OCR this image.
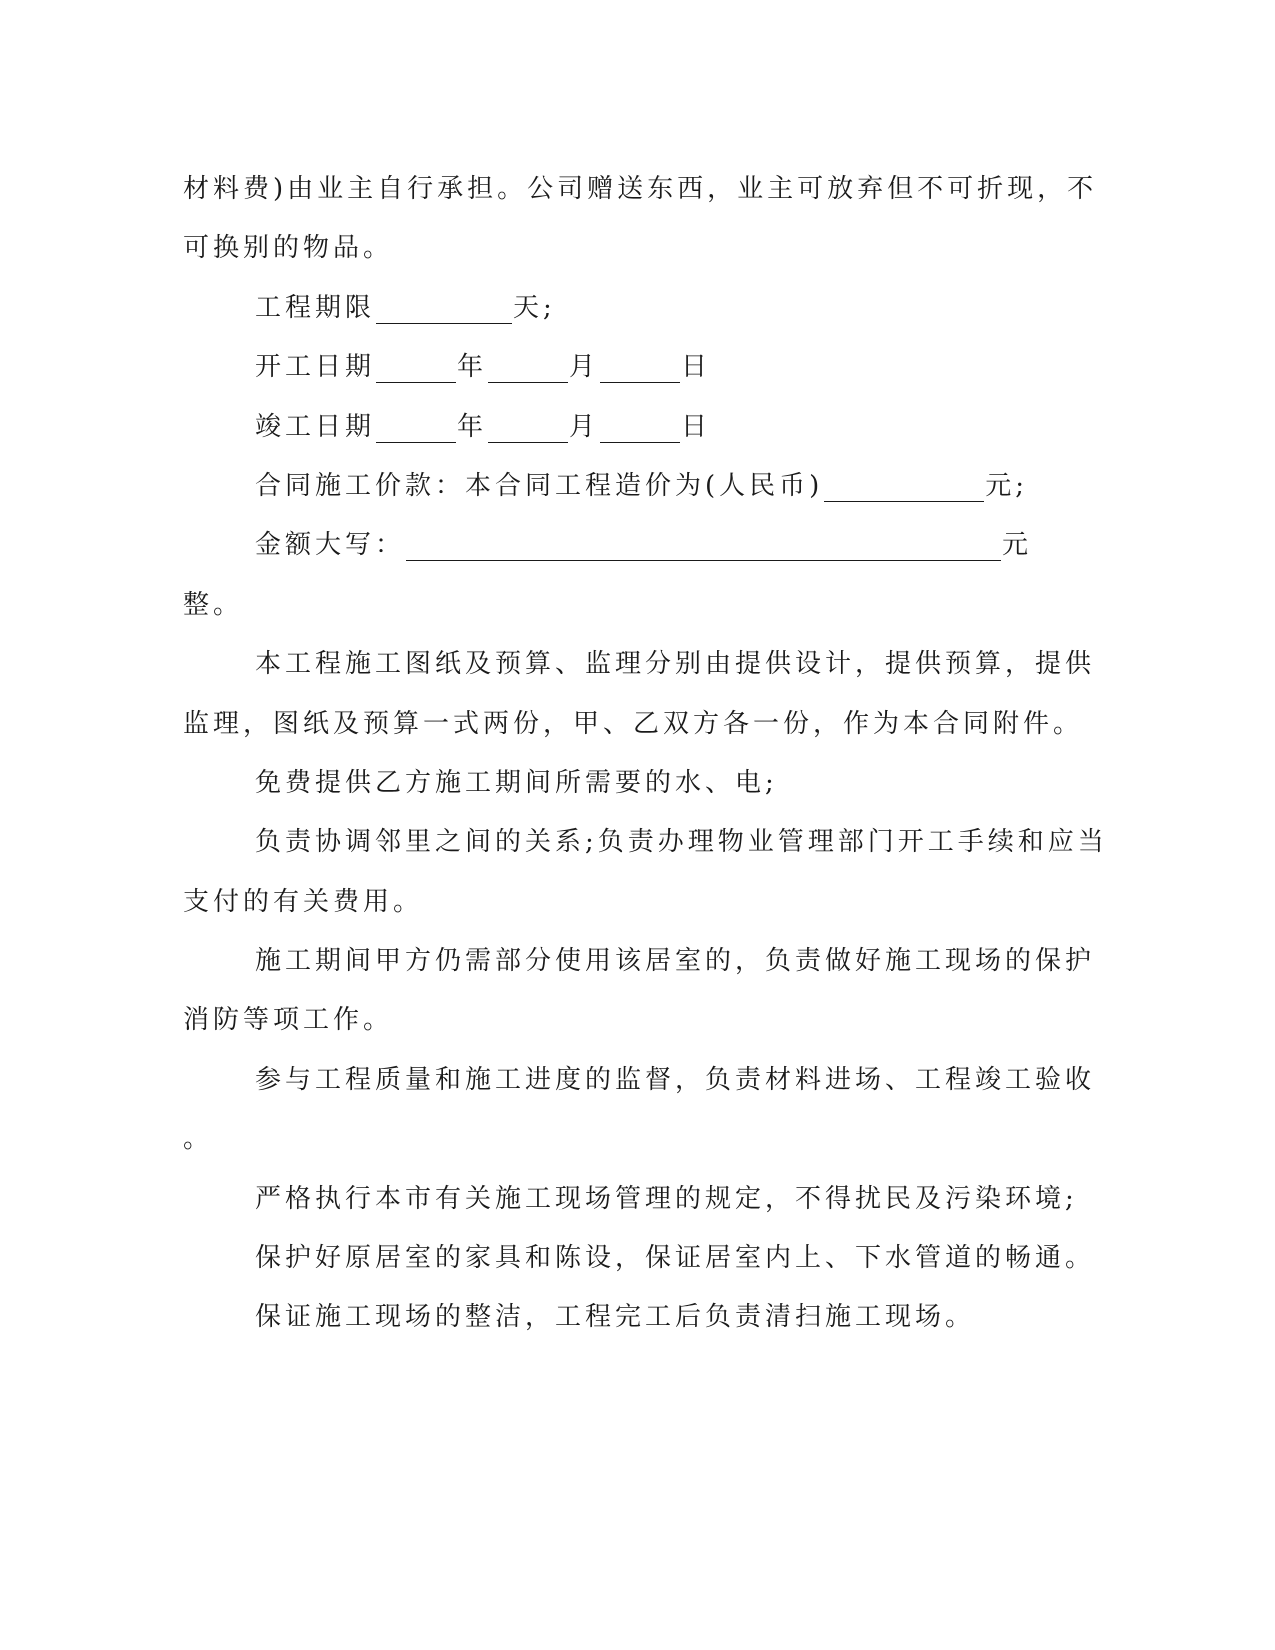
材料费)由业主自行承担。公司赠送东西，业主可放弃但不可折现，不
可换别的物品。
工程期限	天;
开工日期	年	月	日
竣工日期	年	月	日
合同施工价款：本合同工程造价为(人民币)	元;
金额大写：	元
整。
本工程施工图纸及预算、监理分别由提供设计，提供预算，提供
监理，图纸及预算一式两份，甲、乙双方各一份，作为本合同附件。
免费提供乙方施工期间所需要的水、电;
负责协调邻里之间的关系;负责办理物业管理部门开工手续和应当
支付的有关费用。
施工期间甲方仍需部分使用该居室的，负责做好施工现场的保护
消防等项工作。
参与工程质量和施工进度的监督，负责材料进场、工程竣工验收
。
严格执行本市有关施工现场管理的规定，不得扰民及污染环境;
保护好原居室的家具和陈设，保证居室内上、下水管道的畅通。
保证施工现场的整洁，工程完工后负责清扫施工现场。
